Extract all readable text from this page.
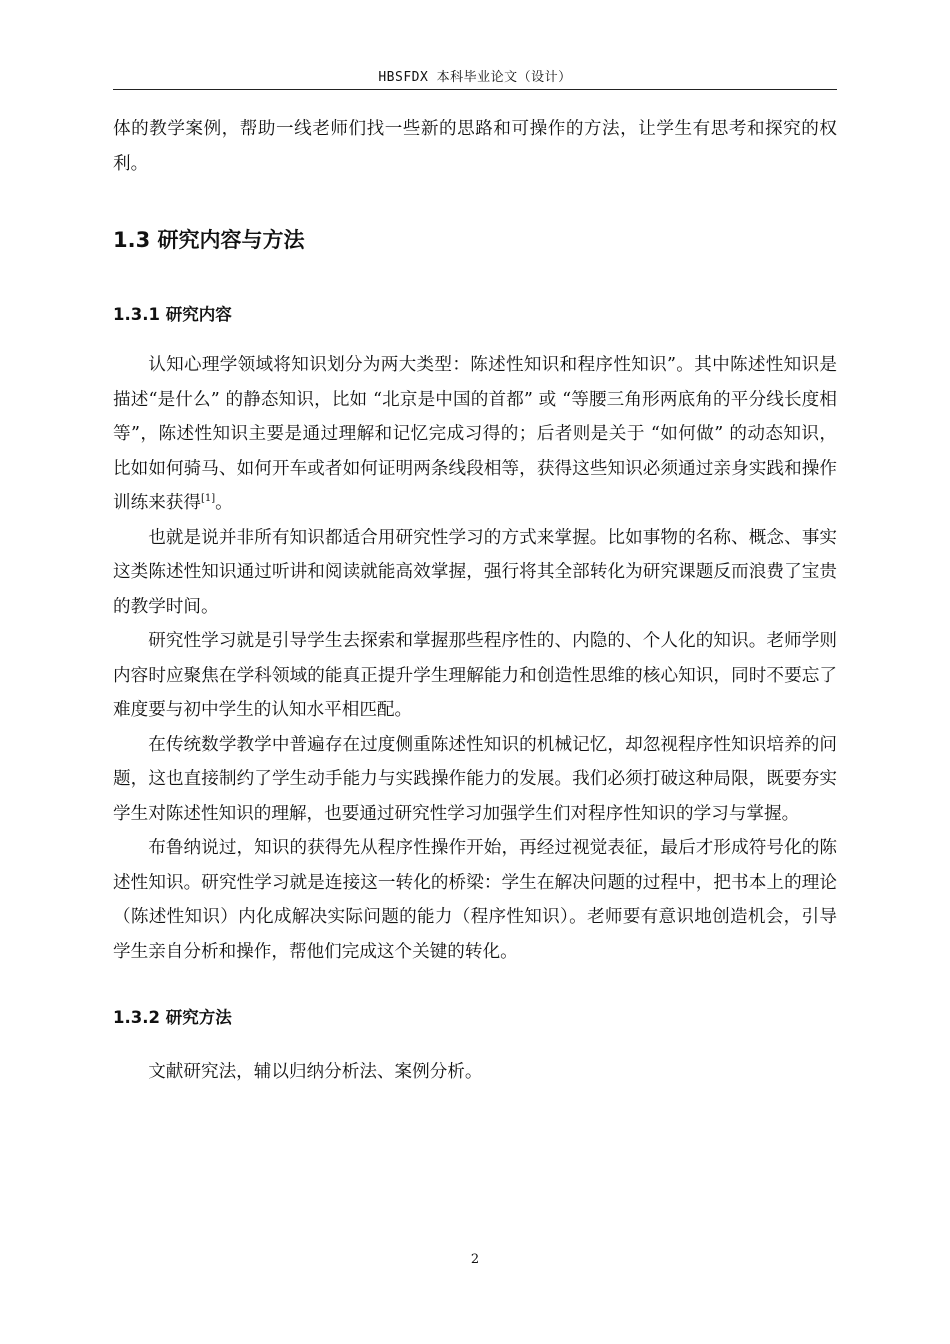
HBSFDX 本科毕业论文（设计）

体的教学案例，帮助一线老师们找一些新的思路和可操作的方法，让学生有思考和探究的权利。

1.3 研究内容与方法
1.3.1 研究内容

认知心理学领域将知识划分为两大类型：陈述性知识和程序性知识”。其中陈述性知识是描述“是什么” 的静态知识，比如 “北京是中国的首都” 或 “等腰三角形两底角的平分线长度相等”，陈述性知识主要是通过理解和记忆完成习得的；后者则是关于 “如何做” 的动态知识，比如如何骑马、如何开车或者如何证明两条线段相等，获得这些知识必须通过亲身实践和操作训练来获得[1]。

也就是说并非所有知识都适合用研究性学习的方式来掌握。比如事物的名称、概念、事实这类陈述性知识通过听讲和阅读就能高效掌握，强行将其全部转化为研究课题反而浪费了宝贵的教学时间。

研究性学习就是引导学生去探索和掌握那些程序性的、内隐的、个人化的知识。老师学则内容时应聚焦在学科领域的能真正提升学生理解能力和创造性思维的核心知识，同时不要忘了难度要与初中学生的认知水平相匹配。

在传统数学教学中普遍存在过度侧重陈述性知识的机械记忆，却忽视程序性知识培养的问题，这也直接制约了学生动手能力与实践操作能力的发展。我们必须打破这种局限，既要夯实学生对陈述性知识的理解，也要通过研究性学习加强学生们对程序性知识的学习与掌握。

布鲁纳说过，知识的获得先从程序性操作开始，再经过视觉表征，最后才形成符号化的陈述性知识。研究性学习就是连接这一转化的桥梁：学生在解决问题的过程中，把书本上的理论（陈述性知识）内化成解决实际问题的能力（程序性知识）。老师要有意识地创造机会，引导学生亲自分析和操作，帮他们完成这个关键的转化。

1.3.2 研究方法

文献研究法，辅以归纳分析法、案例分析。

2
